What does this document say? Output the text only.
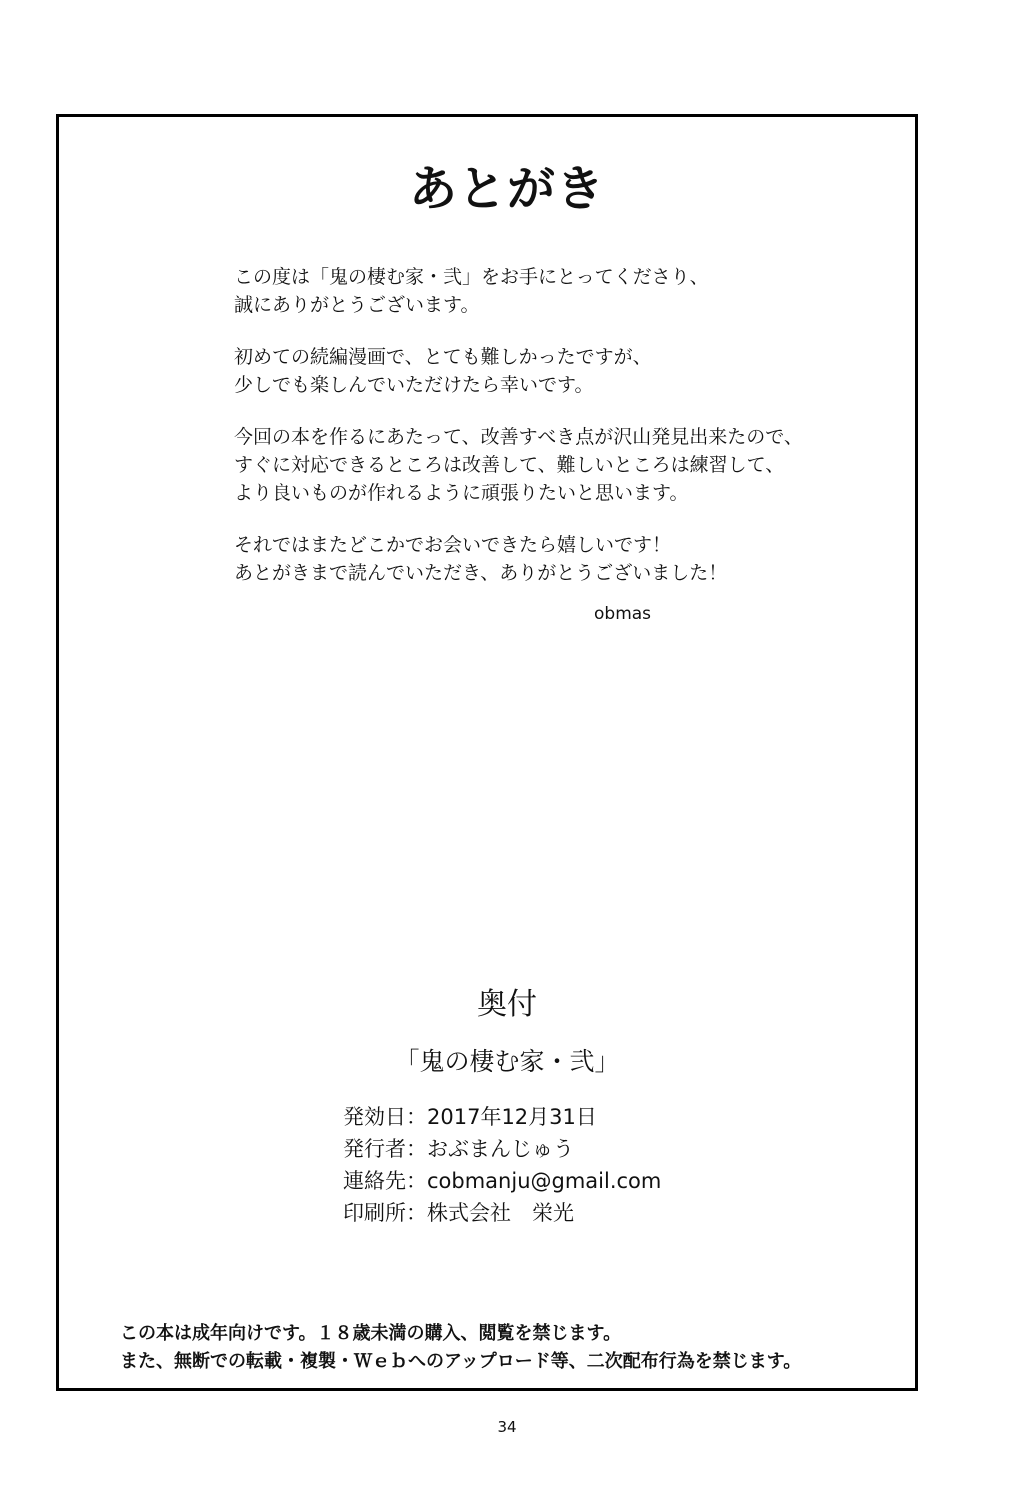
あとがき

この度は「鬼の棲む家・弐」をお手にとってくださり、
誠にありがとうございます。

初めての続編漫画で、とても難しかったですが、
少しでも楽しんでいただけたら幸いです。

今回の本を作るにあたって、改善すべき点が沢山発見出来たので、
すぐに対応できるところは改善して、難しいところは練習して、
より良いものが作れるように頑張りたいと思います。

それではまたどこかでお会いできたら嬉しいです！
あとがきまで読んでいただき、ありがとうございました！

obmas
奥付
「鬼の棲む家・弐」
発効日：2017年12月31日
発行者：おぶまんじゅう
連絡先：cobmanju@gmail.com
印刷所：株式会社　栄光
この本は成年向けです。１８歳未満の購入、閲覧を禁じます。
また、無断での転載・複製・Ｗｅｂへのアップロード等、二次配布行為を禁じます。
34
